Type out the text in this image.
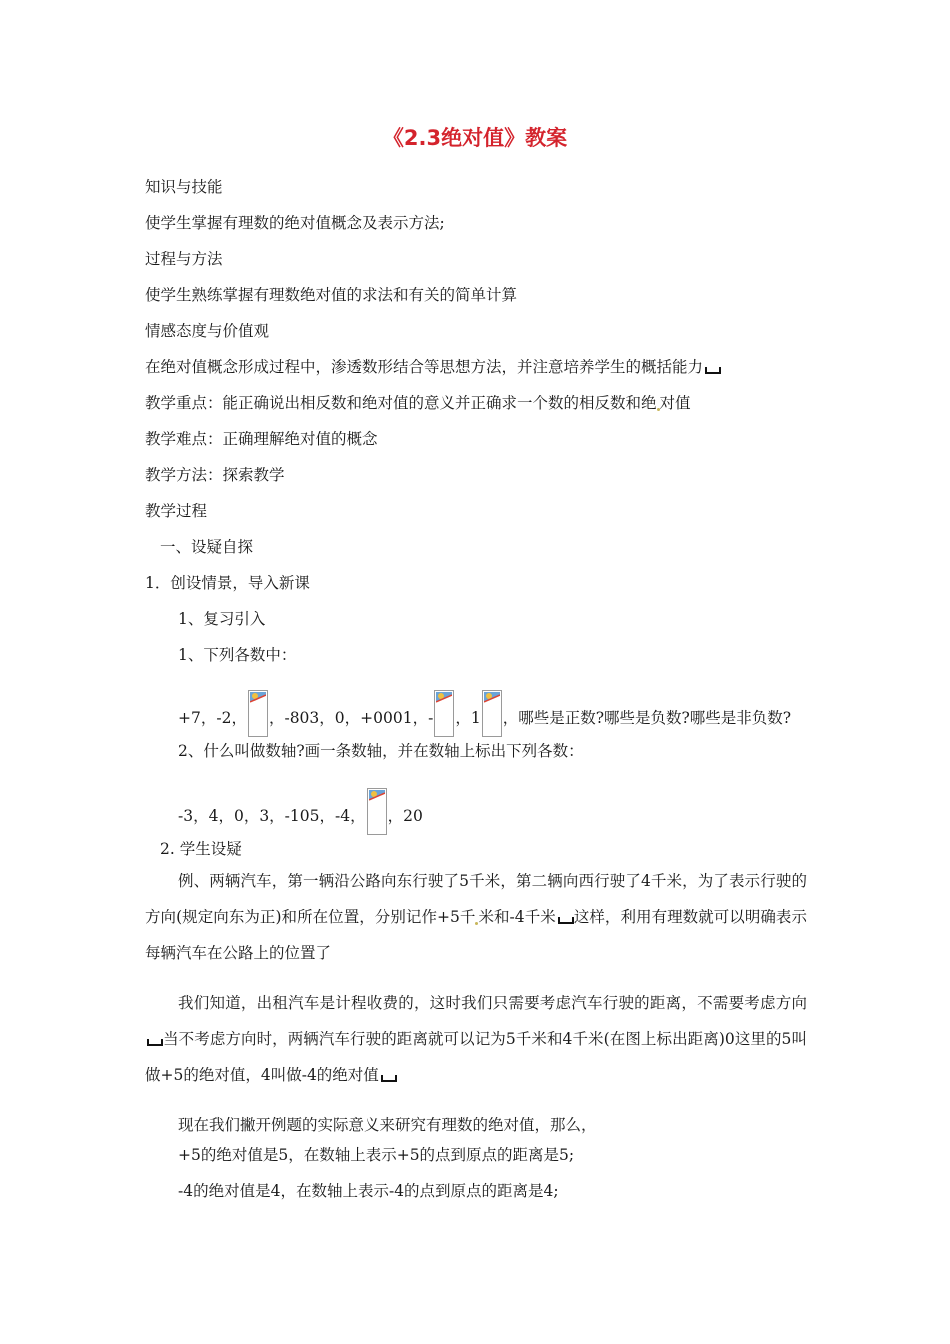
《2.3绝对值》教案
知识与技能
使学生掌握有理数的绝对值概念及表示方法;
过程与方法
使学生熟练掌握有理数绝对值的求法和有关的简单计算
情感态度与价值观
在绝对值概念形成过程中，渗透数形结合等思想方法，并注意培养学生的概括能力
教学重点：能正确说出相反数和绝对值的意义并正确求一个数的相反数和绝 对值
教学难点：正确理解绝对值的概念
教学方法：探索教学
教学过程
一、设疑自探
1．创设情景，导入新课
1、复习引入
1、下列各数中：
+7，-2， ，-803，0，+0001，- ，1 ，哪些是正数?哪些是负数?哪些是非负数?
2、什么叫做数轴?画一条数轴，并在数轴上标出下列各数：
-3，4，0，3，-105，-4， ，20
2. 学生设疑
例、两辆汽车，第一辆沿公路向东行驶了5千米，第二辆向西行驶了4千米，为了表示行驶的方向(规定向东为正)和所在位置，分别记作+5千 米和-4千米 这样，利用有理数就可以明确表示每辆汽车在公路上的位置了
我们知道，出租汽车是计程收费的，这时我们只需要考虑汽车行驶的距离，不需要考虑方向当不考虑方向时，两辆汽车行驶的距离就可以记为5千米和4千米(在图上标出距离)0这里的5叫做+5的绝对值，4叫做-4的绝对值
现在我们撇开例题的实际意义来研究有理数的绝对值，那么，
+5的绝对值是5，在数轴上表示+5的点到原点的距离是5;
-4的绝对值是4，在数轴上表示-4的点到原点的距离是4;
